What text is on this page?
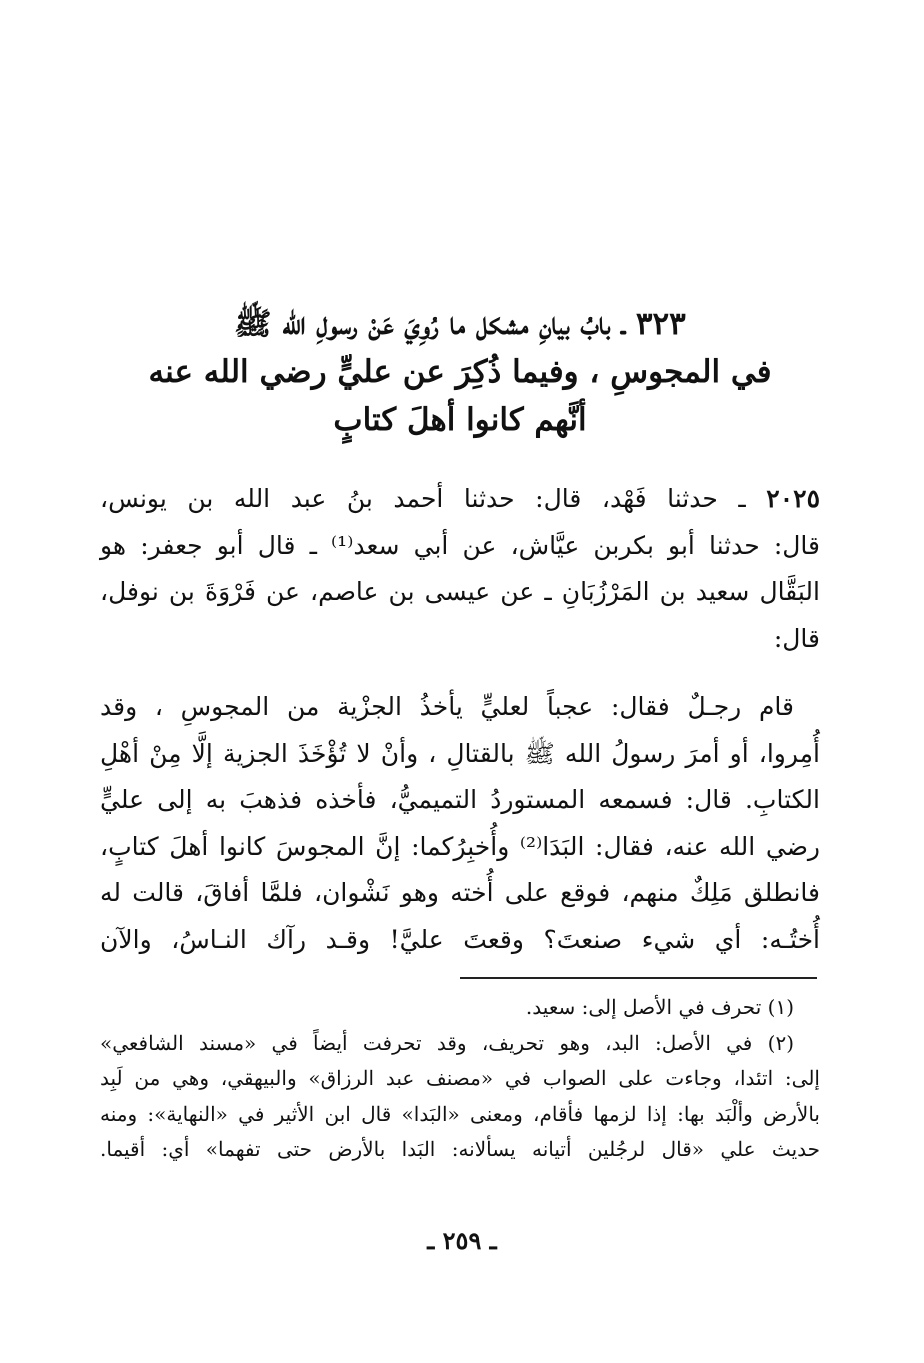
٣٢٣ ـ بابُ بيانِ مشكل ما رُوِيَ عَنْ رسولِ الله ﷺ
في المجوسِ ، وفيما ذُكِرَ عن عليٍّ رضي الله عنه
أنَّهم كانوا أهلَ كتابٍ
٢٠٢٥ ـ حدثنا فَهْد، قال: حدثنا أحمد بنُ عبد الله بن يونس،
قال: حدثنا أبو بكربن عيَّاش، عن أبي سعد⁽¹⁾ ـ قال أبو جعفر: هو
البَقَّال سعيد بن المَرْزُبَانِ ـ عن عيسى بن عاصم، عن فَرْوَةَ بن نوفل،
قال:
قام رجـلٌ فقال: عجباً لعليٍّ يأخذُ الجزْية من المجوسِ ، وقد
أُمِروا، أو أمرَ رسولُ الله ﷺ بالقتالِ ، وأنْ لا تُؤْخَذَ الجزية إلَّا مِنْ أهْلِ
الكتابِ. قال: فسمعه المستوردُ التميميُّ، فأخذه فذهبَ به إلى عليٍّ
رضي الله عنه، فقال: البَدَا⁽²⁾ وأُخبِرُكما: إنَّ المجوسَ كانوا أهلَ كتابٍ،
فانطلق مَلِكٌ منهم، فوقع على أُخته وهو نَشْوان، فلمَّا أفاقَ، قالت له
أُختُـه: أي شيء صنعتَ؟ وقعتَ عليَّ! وقـد رآك النـاسُ، والآن
(١) تحرف في الأصل إلى: سعيد.
(٢) في الأصل: البد، وهو تحريف، وقد تحرفت أيضاً في «مسند الشافعي»
إلى: اتئدا، وجاءت على الصواب في «مصنف عبد الرزاق» والبيهقي، وهي من لَبِد
بالأرض وألْبَد بها: إذا لزمها فأقام، ومعنى «البَدا» قال ابن الأثير في «النهاية»: ومنه
حديث علي «قال لرجُلين أتيانه يسألانه: البَدا بالأرض حتى تفهما» أي: أقيما.
ـ ٢٥٩ ـ
